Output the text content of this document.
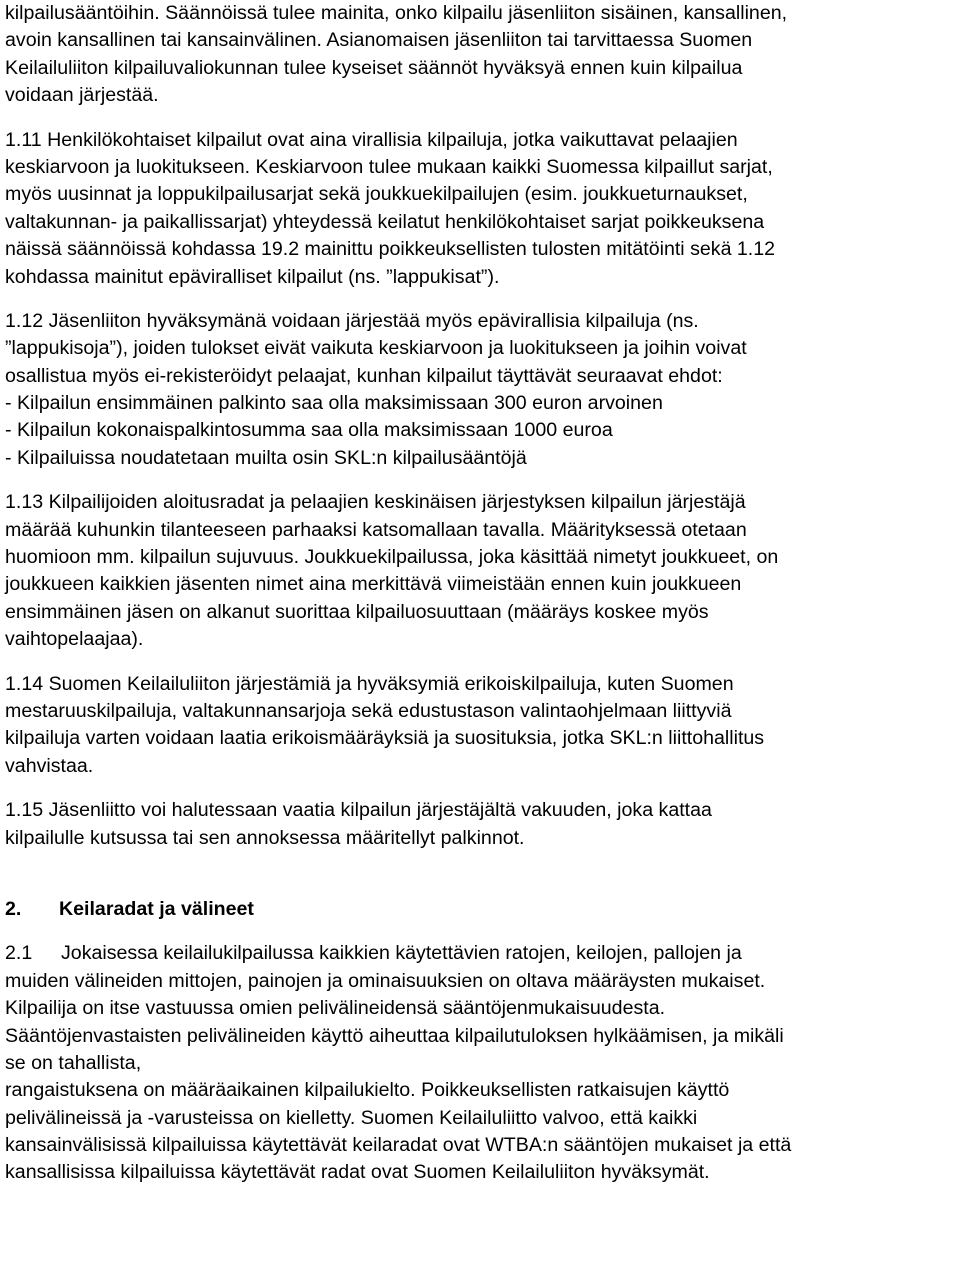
kilpailusääntöihin. Säännöissä tulee mainita, onko kilpailu jäsenliiton sisäinen, kansallinen,
avoin kansallinen tai kansainvälinen. Asianomaisen jäsenliiton tai tarvittaessa Suomen
Keilailuliiton kilpailuvaliokunnan tulee kyseiset säännöt hyväksyä ennen kuin kilpailua
voidaan järjestää.
1.11 Henkilökohtaiset kilpailut ovat aina virallisia kilpailuja, jotka vaikuttavat pelaajien
keskiarvoon ja luokitukseen. Keskiarvoon tulee mukaan kaikki Suomessa kilpaillut sarjat,
myös uusinnat ja loppukilpailusarjat sekä joukkuekilpailujen (esim. joukkueturnaukset,
valtakunnan- ja paikallissarjat) yhteydessä keilatut henkilökohtaiset sarjat poikkeuksena
näissä säännöissä kohdassa 19.2 mainittu poikkeuksellisten tulosten mitätöinti sekä 1.12
kohdassa mainitut epäviralliset kilpailut (ns. ”lappukisat”).
1.12 Jäsenliiton hyväksymänä voidaan järjestää myös epävirallisia kilpailuja (ns.
”lappukisoja”), joiden tulokset eivät vaikuta keskiarvoon ja luokitukseen ja joihin voivat
osallistua myös ei-rekisteröidyt pelaajat, kunhan kilpailut täyttävät seuraavat ehdot:
- Kilpailun ensimmäinen palkinto saa olla maksimissaan 300 euron arvoinen
- Kilpailun kokonaispalkintosumma saa olla maksimissaan 1000 euroa
- Kilpailuissa noudatetaan muilta osin SKL:n kilpailusääntöjä
1.13 Kilpailijoiden aloitusradat ja pelaajien keskinäisen järjestyksen kilpailun järjestäjä
määrää kuhunkin tilanteeseen parhaaksi katsomallaan tavalla. Määrityksessä otetaan
huomioon mm. kilpailun sujuvuus. Joukkuekilpailussa, joka käsittää nimetyt joukkueet, on
joukkueen kaikkien jäsenten nimet aina merkittävä viimeistään ennen kuin joukkueen
ensimmäinen jäsen on alkanut suorittaa kilpailuosuuttaan (määräys koskee myös
vaihtopelaajaa).
1.14 Suomen Keilailuliiton järjestämiä ja hyväksymiä erikoiskilpailuja, kuten Suomen
mestaruuskilpailuja, valtakunnansarjoja sekä edustustason valintaohjelmaan liittyviä
kilpailuja varten voidaan laatia erikoismääräyksiä ja suosituksia, jotka SKL:n liittohallitus
vahvistaa.
1.15 Jäsenliitto voi halutessaan vaatia kilpailun järjestäjältä vakuuden, joka kattaa
kilpailulle kutsussa tai sen annoksessa määritellyt palkinnot.
2. Keilaradat ja välineet
2.1 Jokaisessa keilailukilpailussa kaikkien käytettävien ratojen, keilojen, pallojen ja
muiden välineiden mittojen, painojen ja ominaisuuksien on oltava määräysten mukaiset.
Kilpailija on itse vastuussa omien pelivälineidensä sääntöjenmukaisuudesta.
Sääntöjenvastaisten pelivälineiden käyttö aiheuttaa kilpailutuloksen hylkäämisen, ja mikäli
se on tahallista,
rangaistuksena on määräaikainen kilpailukielto. Poikkeuksellisten ratkaisujen käyttö
pelivälineissä ja -varusteissa on kielletty. Suomen Keilailuliitto valvoo, että kaikki
kansainvälisissä kilpailuissa käytettävät keilaradat ovat WTBA:n sääntöjen mukaiset ja että
kansallisissa kilpailuissa käytettävät radat ovat Suomen Keilailuliiton hyväksymät.
